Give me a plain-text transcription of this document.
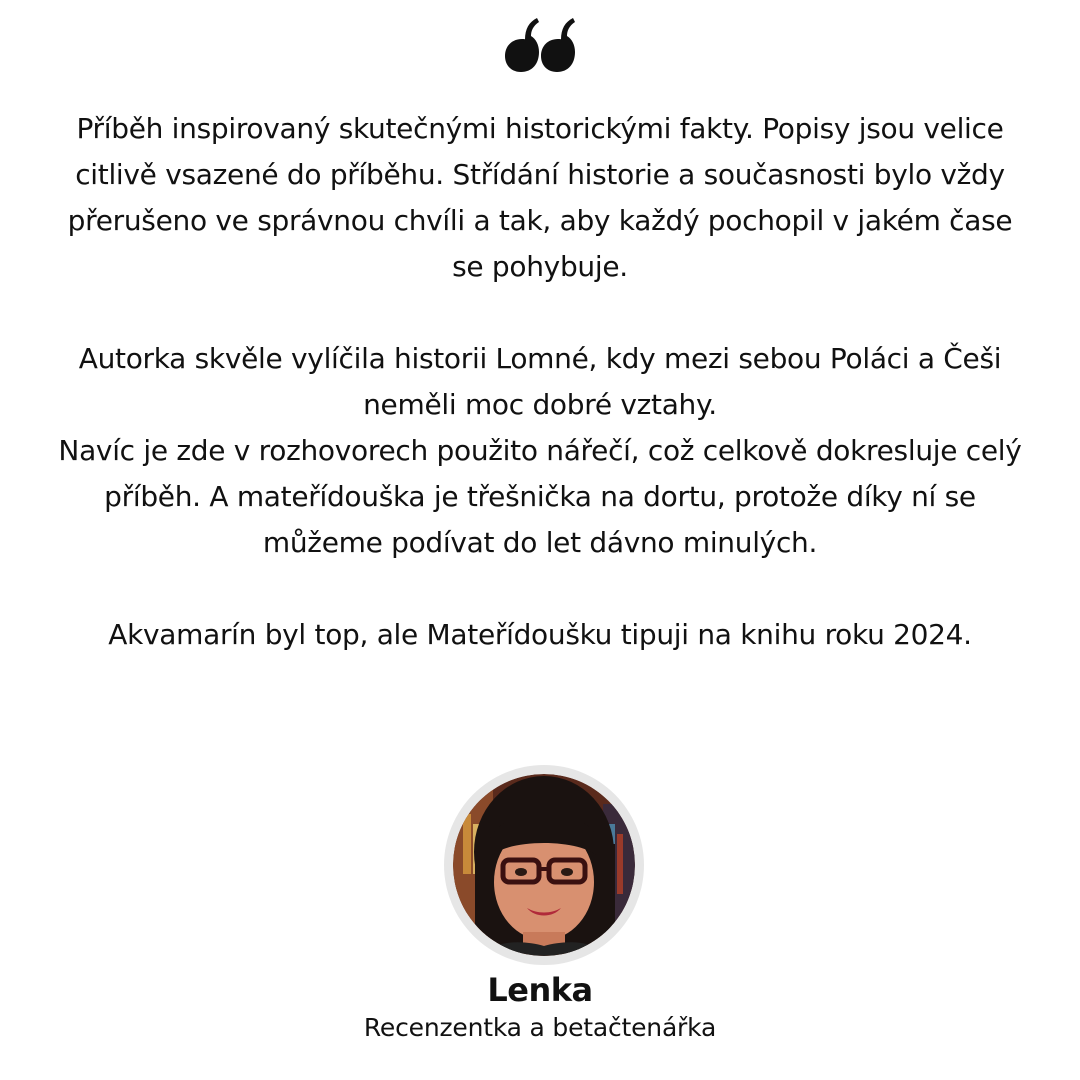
Příběh inspirovaný skutečnými historickými fakty. Popisy jsou velice citlivě vsazené do příběhu. Střídání historie a současnosti bylo vždy přerušeno ve správnou chvíli a tak, aby každý pochopil v jakém čase se pohybuje.

Autorka skvěle vylíčila historii Lomné, kdy mezi sebou Poláci a Češi neměli moc dobré vztahy.

Navíc je zde v rozhovorech použito nářečí, což celkově dokresluje celý příběh. A mateřídouška je třešnička na dortu, protože díky ní se můžeme podívat do let dávno minulých.

Akvamarín byl top, ale Mateřídoušku tipuji na knihu roku 2024.

Lenka
Recenzentka a betačtenářka
